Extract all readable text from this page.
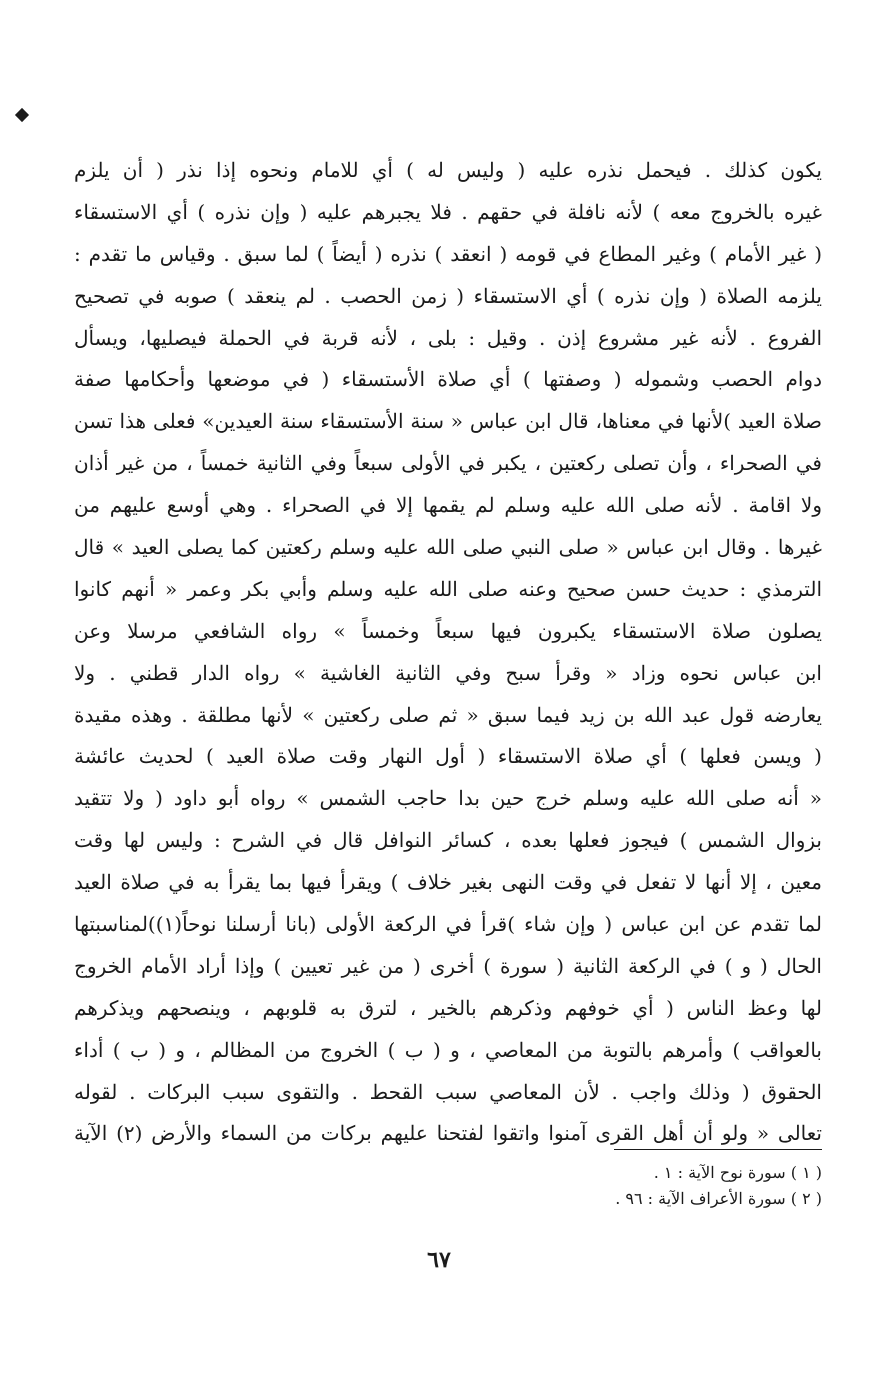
يكون كذلك . فيحمل نذره عليه ( وليس له ) أي للامام ونحوه إذا نذر ( أن يلزم
غيره بالخروج معه ) لأنه نافلة في حقهم . فلا يجبرهم عليه ( وإن نذره ) أي الاستسقاء
( غير الأمام ) وغير المطاع في قومه ( انعقد ) نذره ( أيضاً ) لما سبق . وقياس ما تقدم :
يلزمه الصلاة ( وإن نذره ) أي الاستسقاء ( زمن الحصب . لم ينعقد ) صوبه في تصحيح
الفروع . لأنه غير مشروع إذن . وقيل : بلى ، لأنه قربة في الحملة فيصليها، ويسأل
دوام الحصب وشموله ( وصفتها ) أي صلاة الأستسقاء ( في موضعها وأحكامها صفة
صلاة العيد )لأنها في معناها، قال ابن عباس « سنة الأستسقاء سنة العيدين» فعلى هذا تسن
في الصحراء ، وأن تصلى ركعتين ، يكبر في الأولى سبعاً وفي الثانية خمساً ، من غير أذان
ولا اقامة . لأنه صلى الله عليه وسلم لم يقمها إلا في الصحراء . وهي أوسع عليهم من
غيرها . وقال ابن عباس « صلى النبي صلى الله عليه وسلم ركعتين كما يصلى العيد » قال
الترمذي : حديث حسن صحيح وعنه صلى الله عليه وسلم وأبي بكر وعمر « أنهم كانوا
يصلون صلاة الاستسقاء يكبرون فيها سبعاً وخمساً » رواه الشافعي مرسلا وعن
ابن عباس نحوه وزاد « وقرأ سبح وفي الثانية الغاشية » رواه الدار قطني . ولا
يعارضه قول عبد الله بن زيد فيما سبق « ثم صلى ركعتين » لأنها مطلقة . وهذه مقيدة
( ويسن فعلها ) أي صلاة الاستسقاء ( أول النهار وقت صلاة العيد ) لحديث عائشة
« أنه صلى الله عليه وسلم خرج حين بدا حاجب الشمس » رواه أبو داود ( ولا تتقيد
بزوال الشمس ) فيجوز فعلها بعده ، كسائر النوافل قال في الشرح : وليس لها وقت
معين ، إلا أنها لا تفعل في وقت النهى بغير خلاف ) ويقرأ فيها بما يقرأ به في صلاة العيد
لما تقدم عن ابن عباس ( وإن شاء )قرأ في الركعة الأولى (بانا أرسلنا نوحاً(١))لمناسبتها
الحال ( و ) في الركعة الثانية ( سورة ) أخرى ( من غير تعيين ) وإذا أراد الأمام الخروج
لها وعظ الناس ( أي خوفهم وذكرهم بالخير ، لترق به قلوبهم ، وينصحهم ويذكرهم
بالعواقب ) وأمرهم بالتوبة من المعاصي ، و ( ب ) الخروج من المظالم ، و ( ب ) أداء
الحقوق ( وذلك واجب . لأن المعاصي سبب القحط . والتقوى سبب البركات . لقوله
تعالى « ولو أن أهل القرى آمنوا واتقوا لفتحنا عليهم بركات من السماء والأرض (٢) الآية
( ١ ) سورة نوح الآية : ١ .
( ٢ ) سورة الأعراف الآية : ٩٦ .
٦٧
